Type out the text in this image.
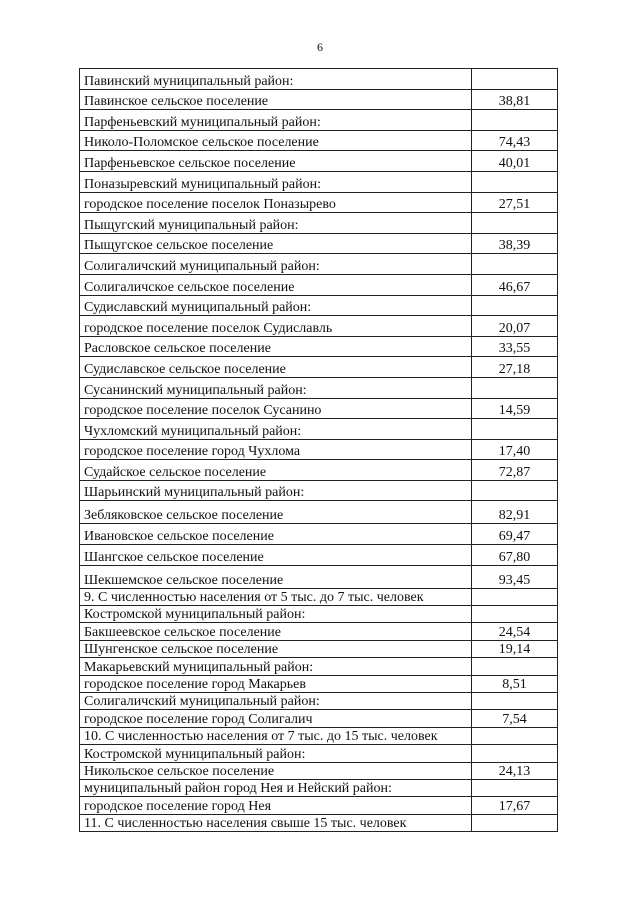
6
Павинский муниципальный район:	
Павинское сельское поселение	38,81
Парфеньевский муниципальный район:	
Николо-Поломское сельское поселение	74,43
Парфеньевское сельское поселение	40,01
Поназыревский муниципальный район:	
городское поселение поселок Поназырево	27,51
Пыщугский муниципальный район:	
Пыщугское сельское поселение	38,39
Солигаличский муниципальный район:	
Солигаличское сельское поселение	46,67
Судиславский муниципальный район:	
городское поселение поселок Судиславль	20,07
Расловское сельское поселение	33,55
Судиславское сельское поселение	27,18
Сусанинский муниципальный район:	
городское поселение поселок Сусанино	14,59
Чухломский муниципальный район:	
городское поселение город Чухлома	17,40
Судайское сельское поселение	72,87
Шарьинский муниципальный район:	
Зебляковское сельское поселение	82,91
Ивановское сельское поселение	69,47
Шангское сельское поселение	67,80
Шекшемское сельское поселение	93,45
9. С численностью населения от 5 тыс. до 7 тыс. человек	
Костромской муниципальный район:	
Бакшеевское сельское поселение	24,54
Шунгенское сельское поселение	19,14
Макарьевский муниципальный район:	
городское поселение город Макарьев	8,51
Солигаличский муниципальный район:	
городское поселение город Солигалич	7,54
10. С численностью населения от 7 тыс. до 15 тыс. человек	
Костромской муниципальный район:	
Никольское сельское поселение	24,13
муниципальный район город Нея и Нейский район:	
городское поселение город Нея	17,67
11. С численностью населения свыше 15 тыс. человек	
